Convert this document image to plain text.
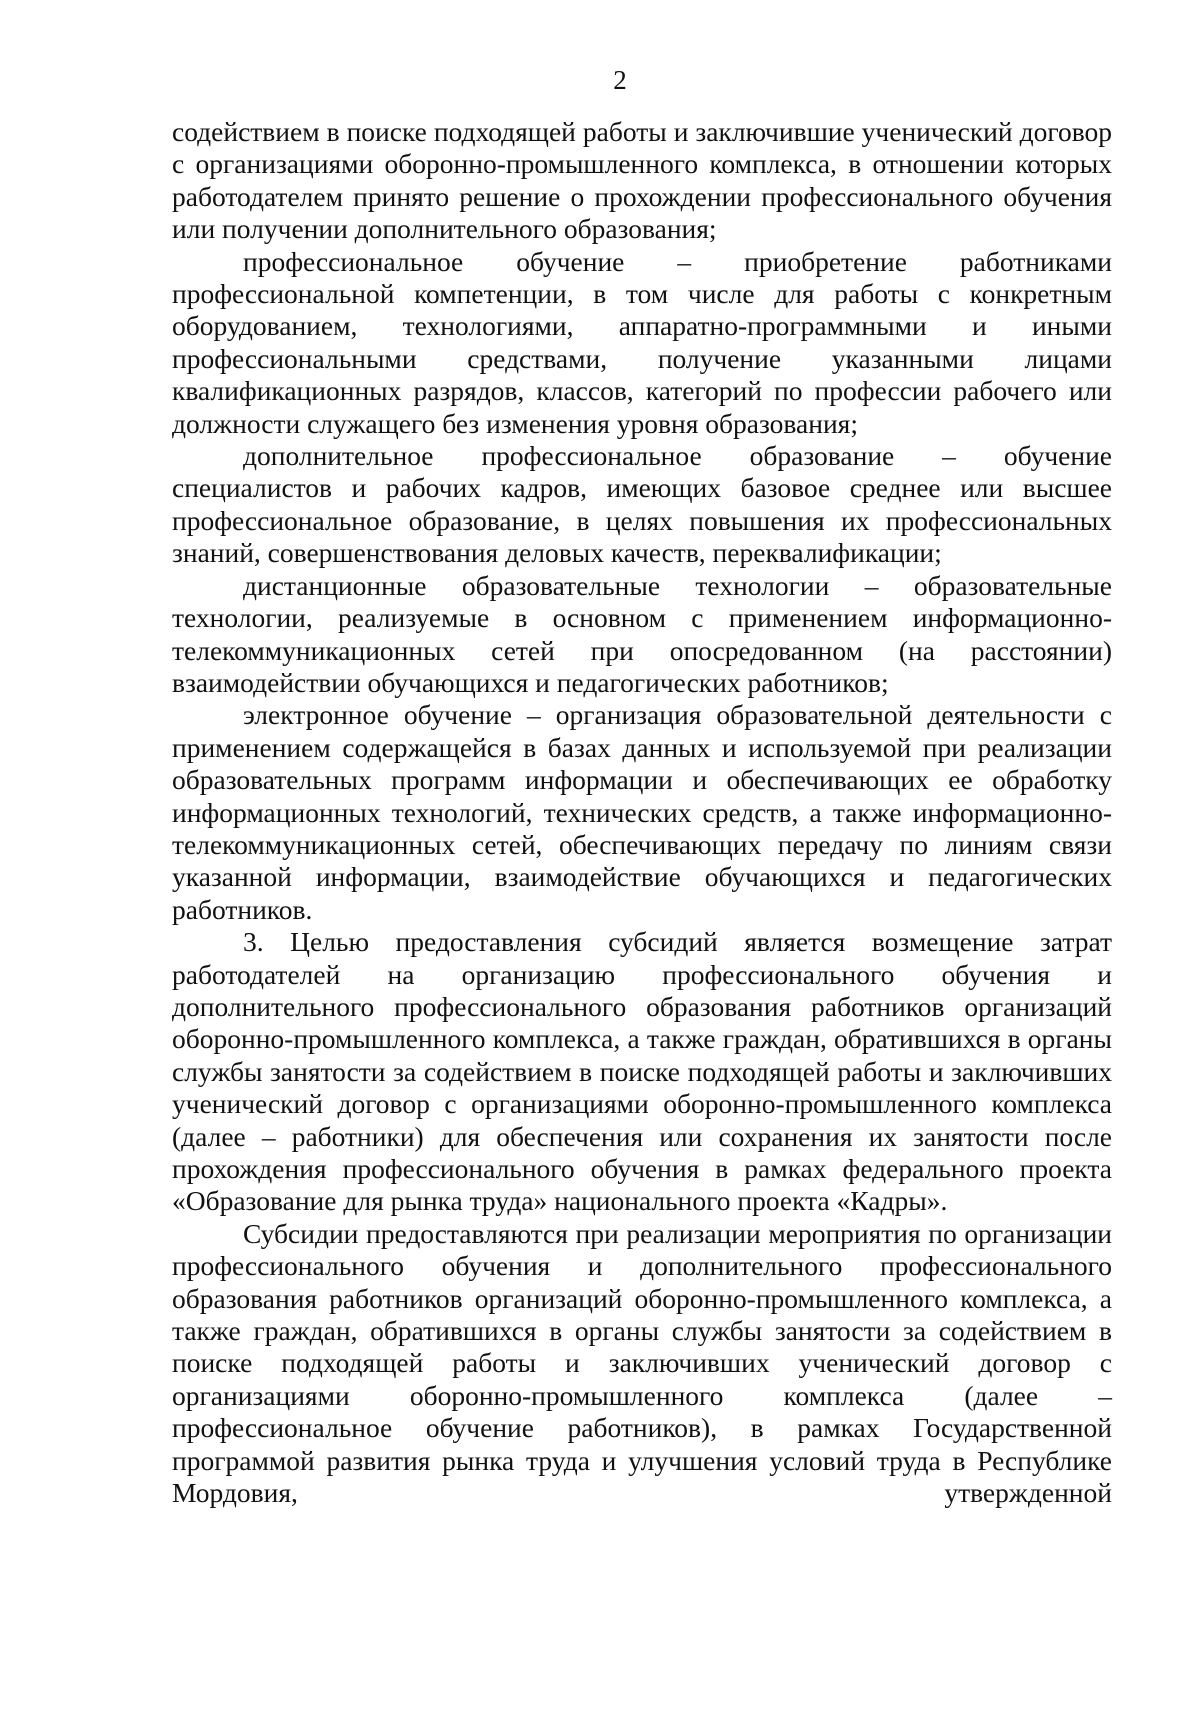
2

содействием в поиске подходящей работы и заключившие ученический договор с организациями оборонно-промышленного комплекса, в отношении которых работодателем принято решение о прохождении профессионального обучения или получении дополнительного образования;

профессиональное обучение – приобретение работниками профессиональной компетенции, в том числе для работы с конкретным оборудованием, технологиями, аппаратно-программными и иными профессиональными средствами, получение указанными лицами квалификационных разрядов, классов, категорий по профессии рабочего или должности служащего без изменения уровня образования;

дополнительное профессиональное образование – обучение специалистов и рабочих кадров, имеющих базовое среднее или высшее профессиональное образование, в целях повышения их профессиональных знаний, совершенствования деловых качеств, переквалификации;

дистанционные образовательные технологии – образовательные технологии, реализуемые в основном с применением информационно-телекоммуникационных сетей при опосредованном (на расстоянии) взаимодействии обучающихся и педагогических работников;

электронное обучение – организация образовательной деятельности с применением содержащейся в базах данных и используемой при реализации образовательных программ информации и обеспечивающих ее обработку информационных технологий, технических средств, а также информационно-телекоммуникационных сетей, обеспечивающих передачу по линиям связи указанной информации, взаимодействие обучающихся и педагогических работников.

3. Целью предоставления субсидий является возмещение затрат работодателей на организацию профессионального обучения и дополнительного профессионального образования работников организаций оборонно-промышленного комплекса, а также граждан, обратившихся в органы службы занятости за содействием в поиске подходящей работы и заключивших ученический договор с организациями оборонно-промышленного комплекса (далее – работники) для обеспечения или сохранения их занятости после прохождения профессионального обучения в рамках федерального проекта «Образование для рынка труда» национального проекта «Кадры».

Субсидии предоставляются при реализации мероприятия по организации профессионального обучения и дополнительного профессионального образования работников организаций оборонно-промышленного комплекса, а также граждан, обратившихся в органы службы занятости за содействием в поиске подходящей работы и заключивших ученический договор с организациями оборонно-промышленного комплекса (далее – профессиональное обучение работников), в рамках Государственной программой развития рынка труда и улучшения условий труда в Республике Мордовия, утвержденной
